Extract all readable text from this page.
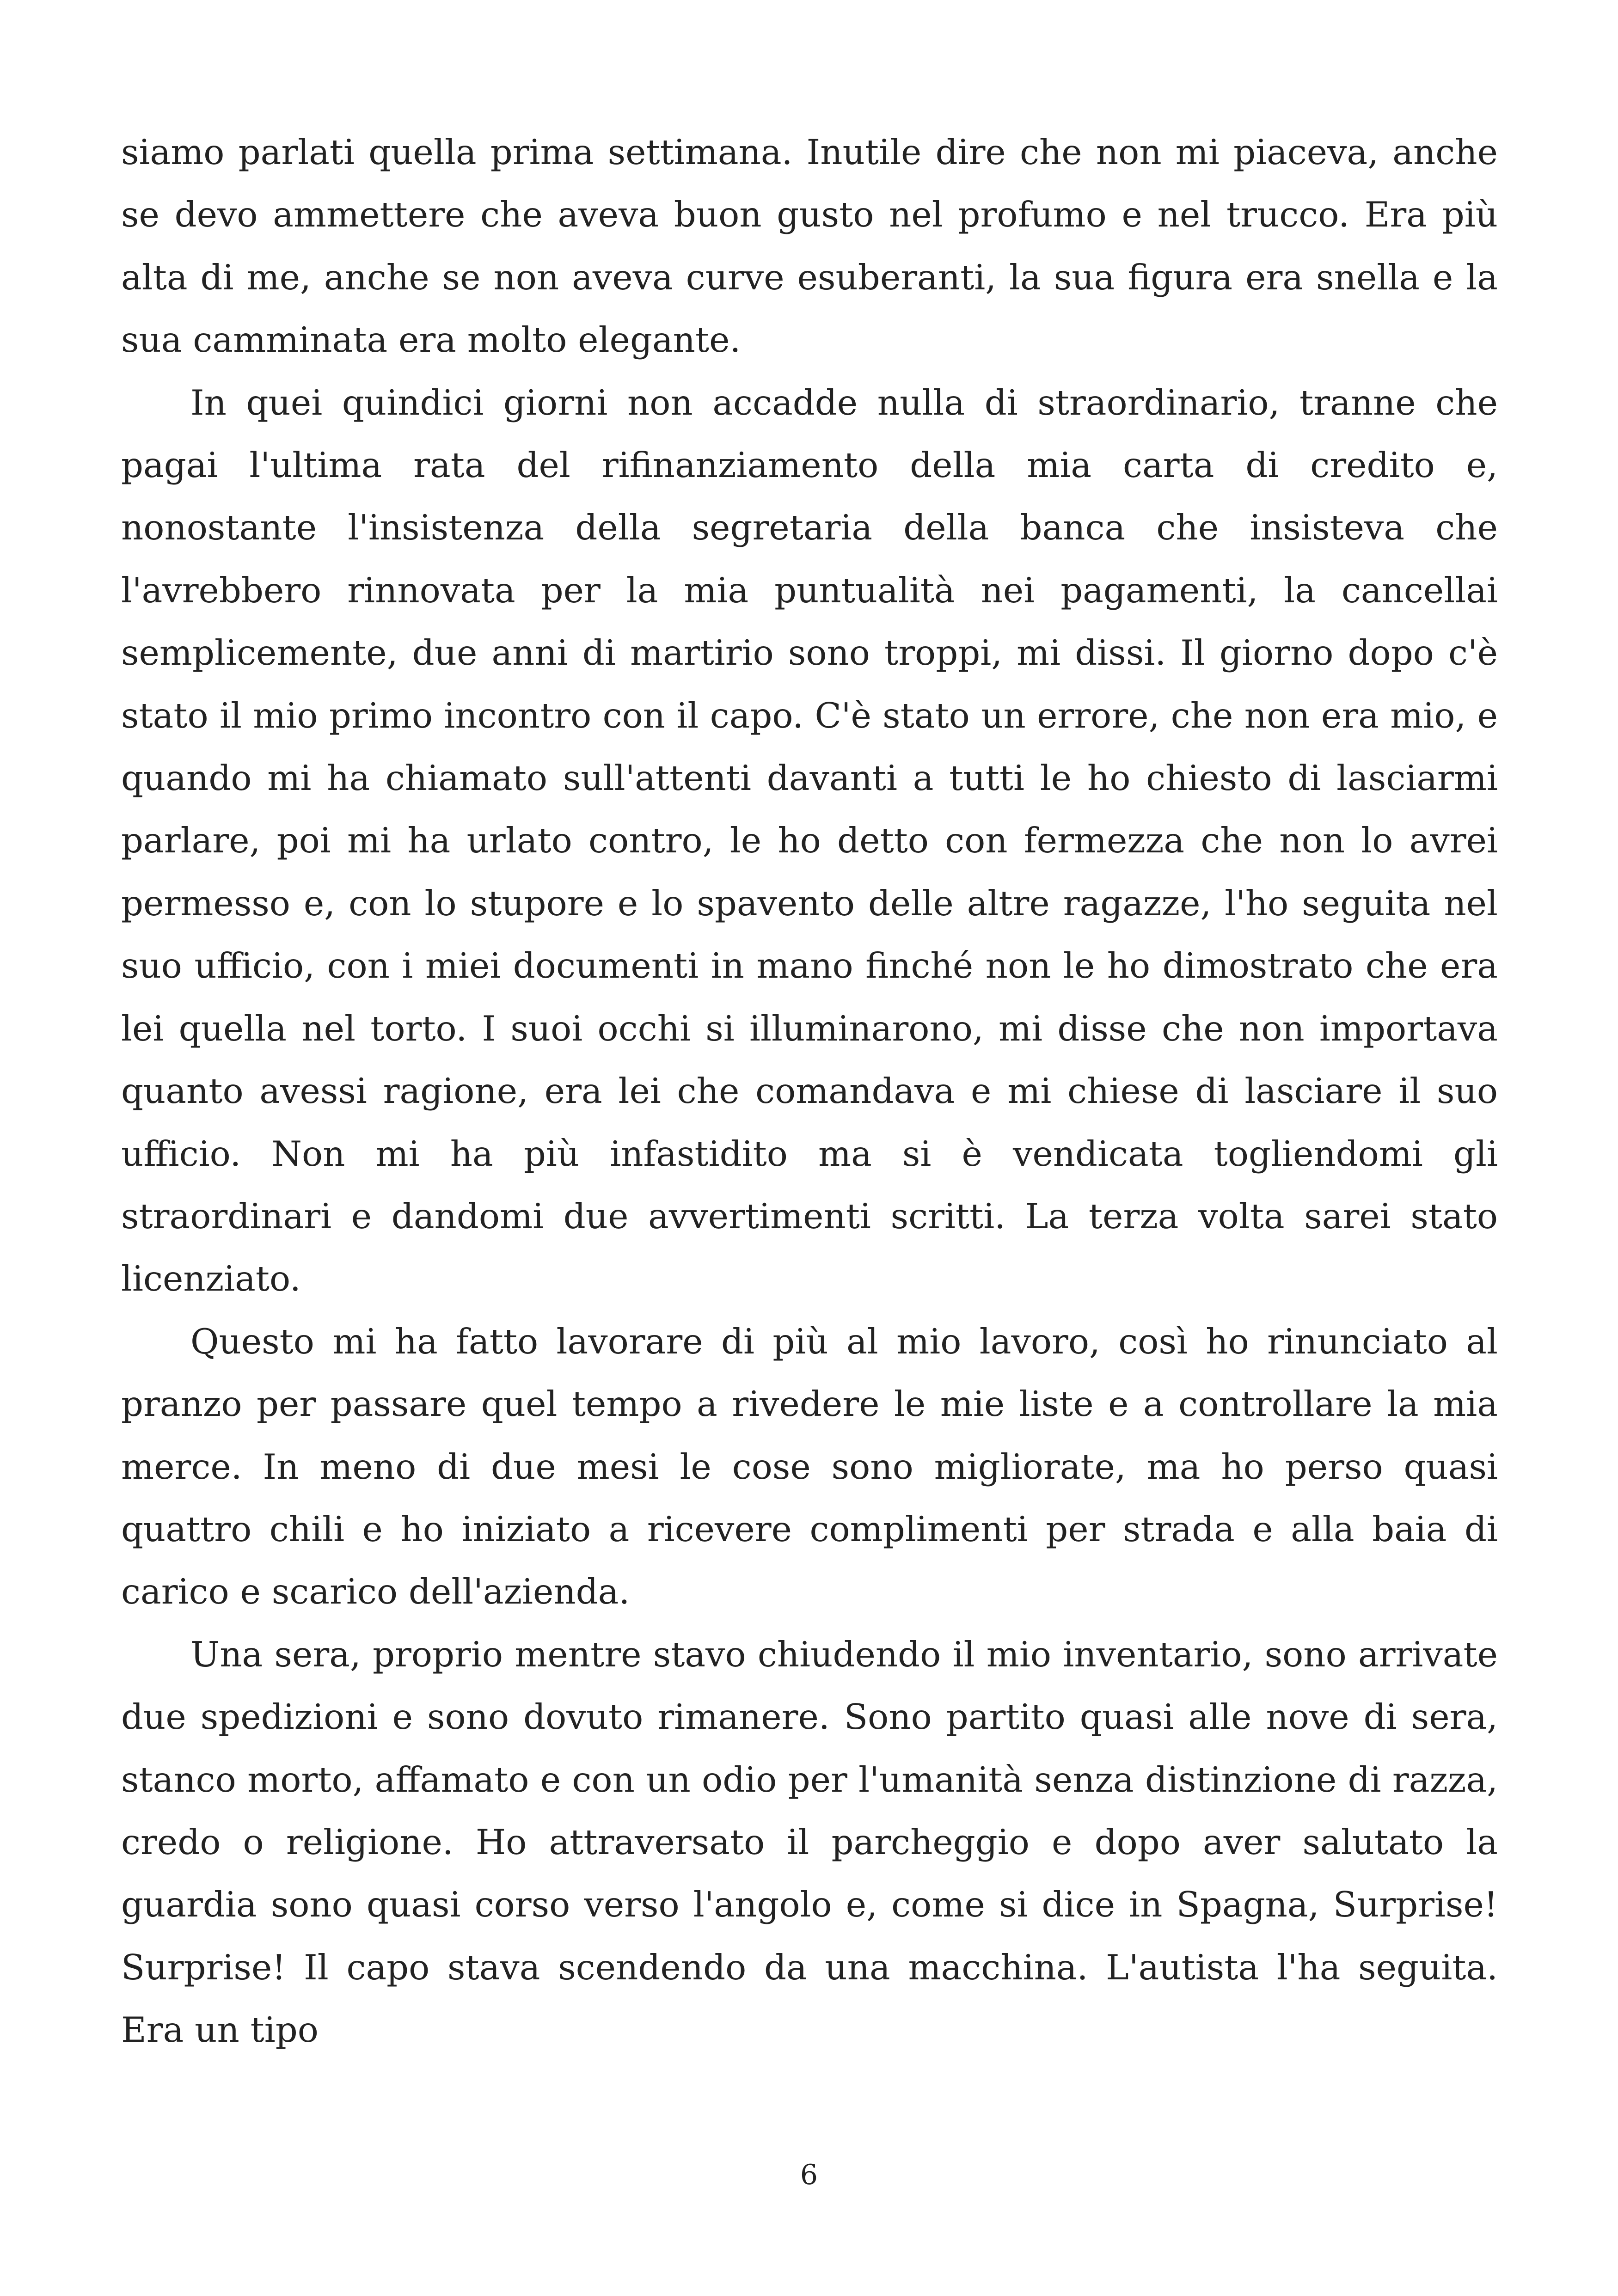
siamo parlati quella prima settimana. Inutile dire che non mi piaceva, anche se devo ammettere che aveva buon gusto nel profumo e nel trucco. Era più alta di me, anche se non aveva curve esuberanti, la sua figura era snella e la sua camminata era molto elegante.

In quei quindici giorni non accadde nulla di straordinario, tranne che pagai l'ultima rata del rifinanziamento della mia carta di credito e, nonostante l'insistenza della segretaria della banca che insisteva che l'avrebbero rinnovata per la mia puntualità nei pagamenti, la cancellai semplicemente, due anni di martirio sono troppi, mi dissi. Il giorno dopo c'è stato il mio primo incontro con il capo. C'è stato un errore, che non era mio, e quando mi ha chiamato sull'attenti davanti a tutti le ho chiesto di lasciarmi parlare, poi mi ha urlato contro, le ho detto con fermezza che non lo avrei permesso e, con lo stupore e lo spavento delle altre ragazze, l'ho seguita nel suo ufficio, con i miei documenti in mano finché non le ho dimostrato che era lei quella nel torto. I suoi occhi si illuminarono, mi disse che non importava quanto avessi ragione, era lei che comandava e mi chiese di lasciare il suo ufficio. Non mi ha più infastidito ma si è vendicata togliendomi gli straordinari e dandomi due avvertimenti scritti. La terza volta sarei stato licenziato.

Questo mi ha fatto lavorare di più al mio lavoro, così ho rinunciato al pranzo per passare quel tempo a rivedere le mie liste e a controllare la mia merce. In meno di due mesi le cose sono migliorate, ma ho perso quasi quattro chili e ho iniziato a ricevere complimenti per strada e alla baia di carico e scarico dell'azienda.

Una sera, proprio mentre stavo chiudendo il mio inventario, sono arrivate due spedizioni e sono dovuto rimanere. Sono partito quasi alle nove di sera, stanco morto, affamato e con un odio per l'umanità senza distinzione di razza, credo o religione. Ho attraversato il parcheggio e dopo aver salutato la guardia sono quasi corso verso l'angolo e, come si dice in Spagna, Surprise! Surprise! Il capo stava scendendo da una macchina. L'autista l'ha seguita. Era un tipo

6
